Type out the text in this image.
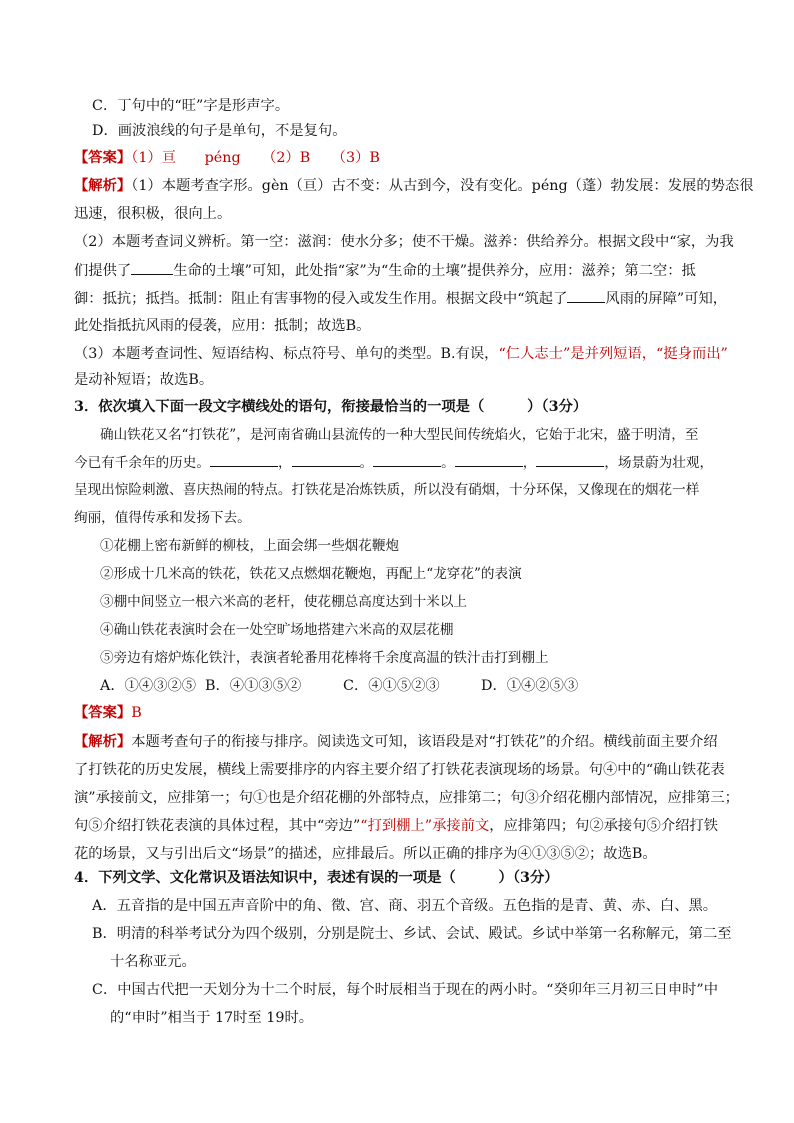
C．丁句中的“旺”字是形声字。
D．画波浪线的句子是单句，不是复句。
【答案】（1）亘　　péng　　（2）B　　（3）B
【解析】（1）本题考查字形。gèn（亘）古不变：从古到今，没有变化。péng（蓬）勃发展：发展的势态很
迅速，很积极，很向上。
（2）本题考查词义辨析。第一空：滋润：使水分多；使不干燥。滋养：供给养分。根据文段中“家，为我
们提供了	生命的土壤”可知，此处指“家”为“生命的土壤”提供养分，应用：滋养；第二空：抵
御：抵抗；抵挡。抵制：阻止有害事物的侵入或发生作用。根据文段中“筑起了	风雨的屏障”可知，
此处指抵抗风雨的侵袭，应用：抵制；故选B。
（3）本题考查词性、短语结构、标点符号、单句的类型。B.有误，“仁人志士”是并列短语，“挺身而出”
是动补短语；故选B。
3．依次填入下面一段文字横线处的语句，衔接最恰当的一项是（　　　）（3分）
确山铁花又名“打铁花”，是河南省确山县流传的一种大型民间传统焰火，它始于北宋，盛于明清，至
今已有千余年的历史。	，	。	。	，	，场景蔚为壮观，
呈现出惊险刺激、喜庆热闹的特点。打铁花是冶炼铁质，所以没有硝烟，十分环保，又像现在的烟花一样
绚丽，值得传承和发扬下去。
①花棚上密布新鲜的柳枝，上面会绑一些烟花鞭炮
②形成十几米高的铁花，铁花又点燃烟花鞭炮，再配上“龙穿花”的表演
③棚中间竖立一根六米高的老杆，使花棚总高度达到十米以上
④确山铁花表演时会在一处空旷场地搭建六米高的双层花棚
⑤旁边有熔炉炼化铁汁，表演者轮番用花棒将千余度高温的铁汁击打到棚上
A．①④③②⑤ B．④①③⑤②	C．④①⑤②③	D．①④②⑤③
【答案】B
【解析】本题考查句子的衔接与排序。阅读选文可知，该语段是对“打铁花”的介绍。横线前面主要介绍
了打铁花的历史发展，横线上需要排序的内容主要介绍了打铁花表演现场的场景。句④中的“确山铁花表
演”承接前文，应排第一；句①也是介绍花棚的外部特点，应排第二；句③介绍花棚内部情况，应排第三；
句⑤介绍打铁花表演的具体过程，其中“旁边”“打到棚上”承接前文，应排第四；句②承接句⑤介绍打铁
花的场景，又与引出后文“场景”的描述，应排最后。所以正确的排序为④①③⑤②；故选B。
4．下列文学、文化常识及语法知识中，表述有误的一项是（　　　）（3分）
A．五音指的是中国五声音阶中的角、徵、宫、商、羽五个音级。五色指的是青、黄、赤、白、黑。
B．明清的科举考试分为四个级别，分别是院士、乡试、会试、殿试。乡试中举第一名称解元，第二至
十名称亚元。
C．中国古代把一天划分为十二个时辰，每个时辰相当于现在的两小时。“癸卯年三月初三日申时”中
的“申时”相当于 17时至 19时。
